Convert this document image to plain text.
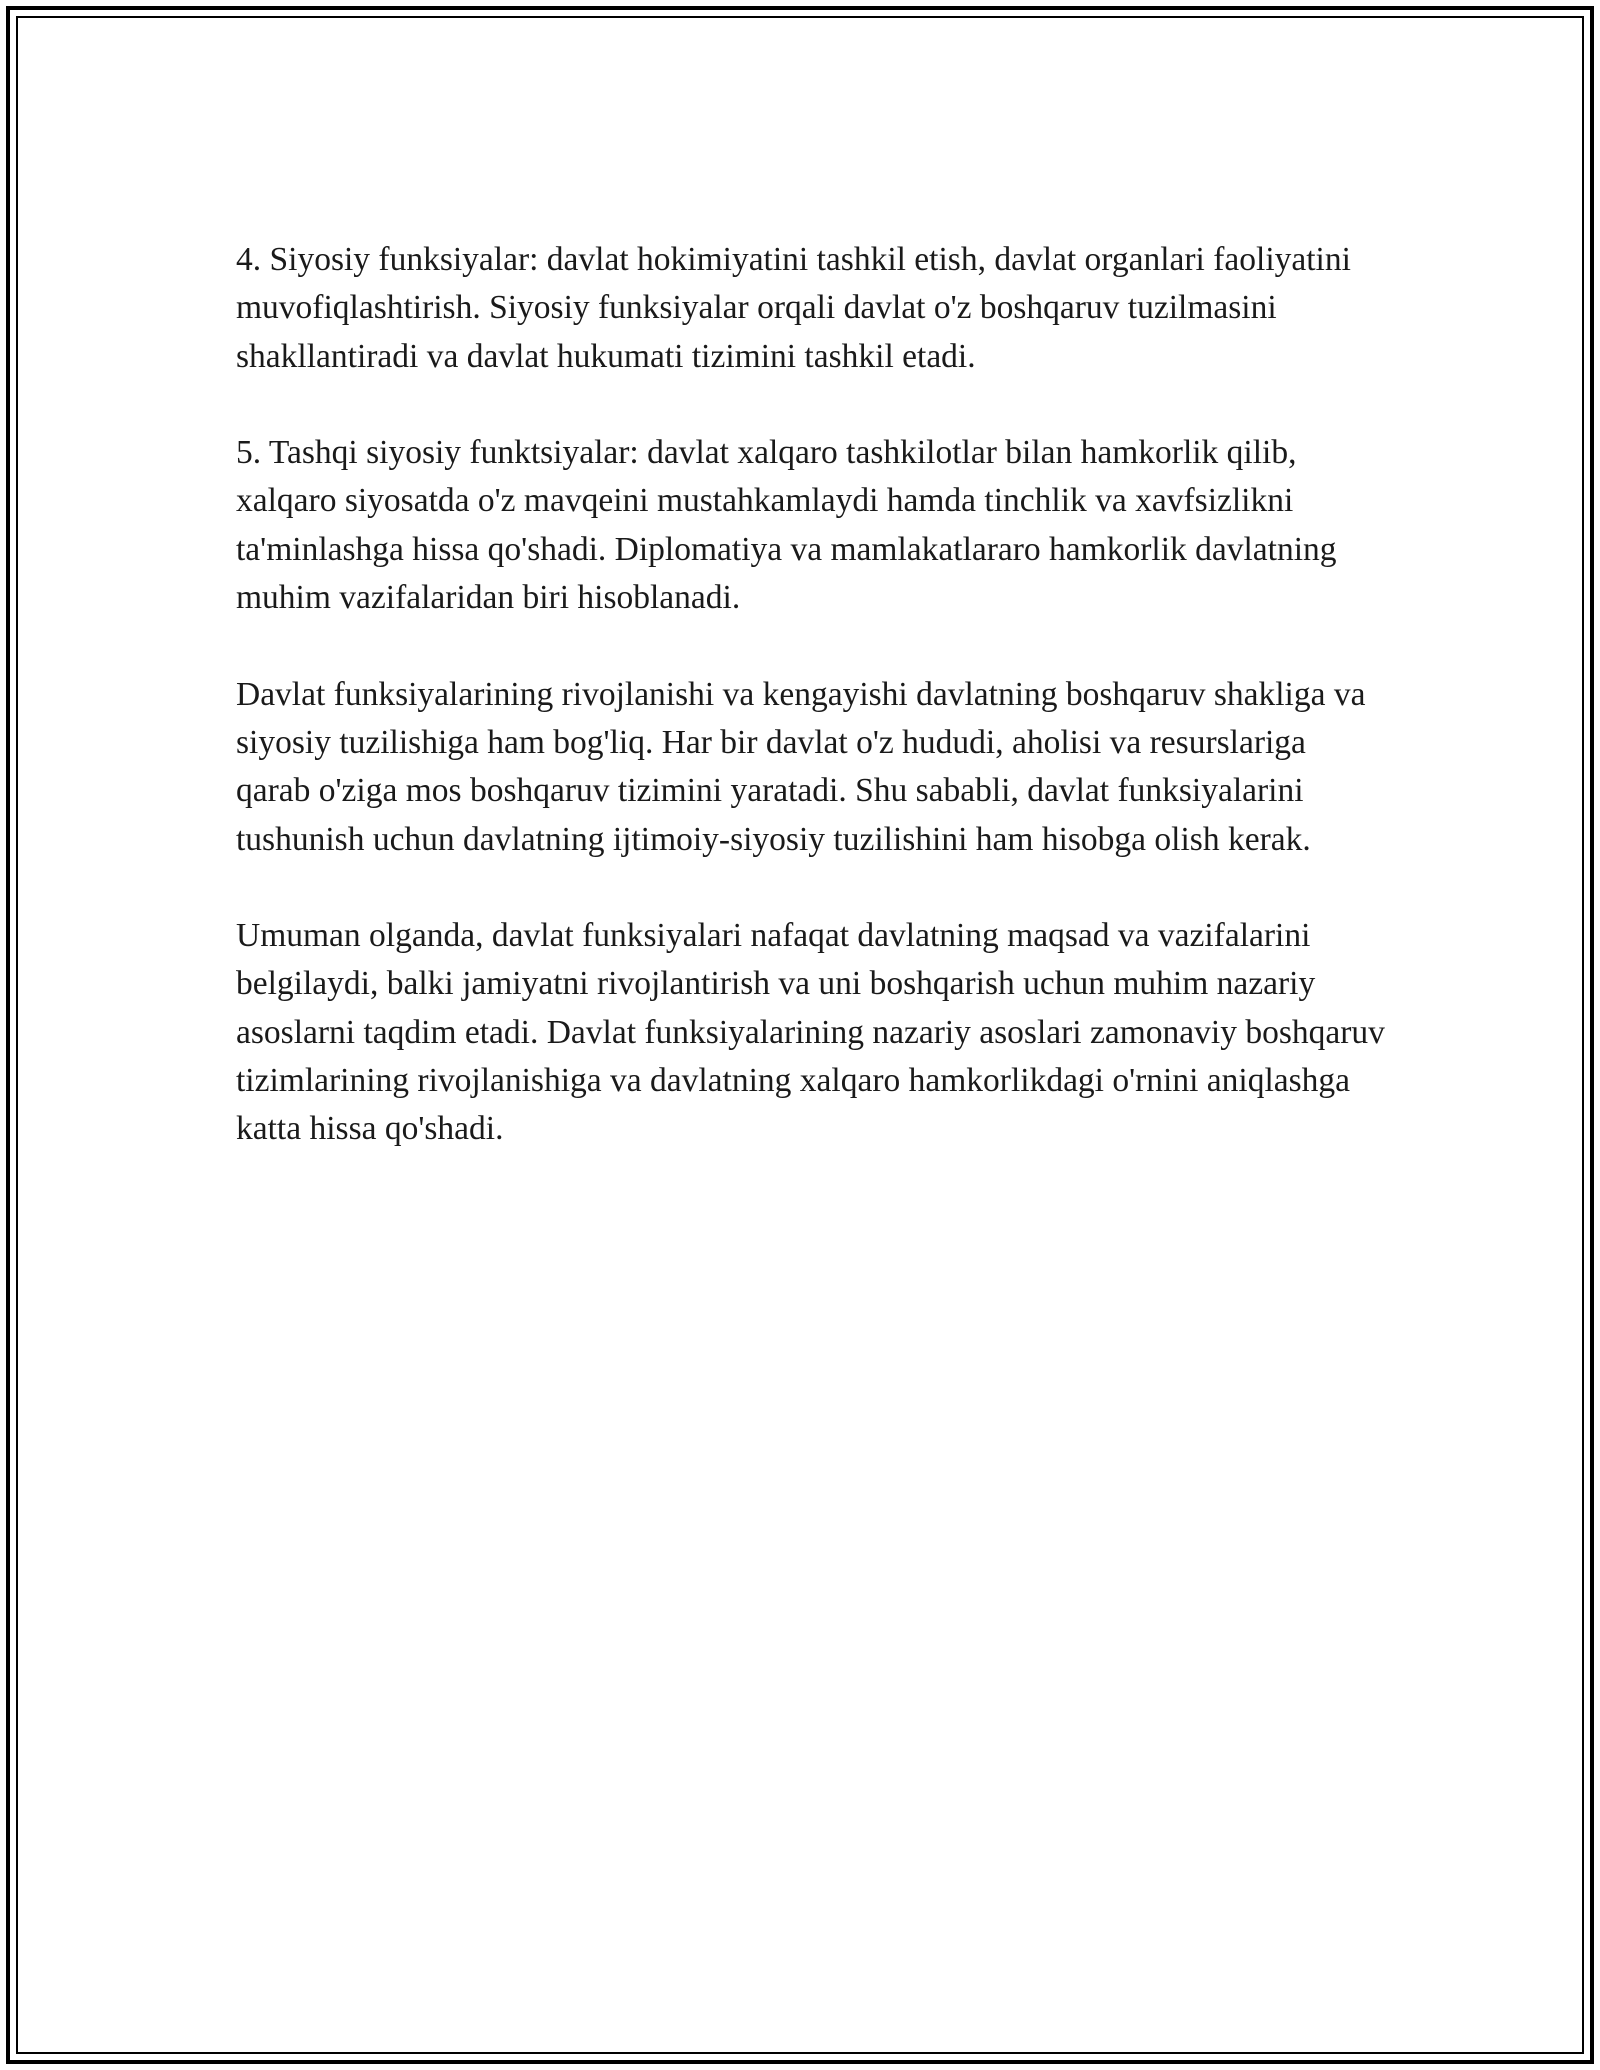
4. Siyosiy funksiyalar: davlat hokimiyatini tashkil etish, davlat organlari faoliyatini muvofiqlashtirish. Siyosiy funksiyalar orqali davlat o'z boshqaruv tuzilmasini shakllantiradi va davlat hukumati tizimini tashkil etadi.

5. Tashqi siyosiy funktsiyalar: davlat xalqaro tashkilotlar bilan hamkorlik qilib, xalqaro siyosatda o'z mavqeini mustahkamlaydi hamda tinchlik va xavfsizlikni ta'minlashga hissa qo'shadi. Diplomatiya va mamlakatlararo hamkorlik davlatning muhim vazifalaridan biri hisoblanadi.

Davlat funksiyalarining rivojlanishi va kengayishi davlatning boshqaruv shakliga va siyosiy tuzilishiga ham bog'liq. Har bir davlat o'z hududi, aholisi va resurslariga qarab o'ziga mos boshqaruv tizimini yaratadi. Shu sababli, davlat funksiyalarini tushunish uchun davlatning ijtimoiy-siyosiy tuzilishini ham hisobga olish kerak.

Umuman olganda, davlat funksiyalari nafaqat davlatning maqsad va vazifalarini belgilaydi, balki jamiyatni rivojlantirish va uni boshqarish uchun muhim nazariy asoslarni taqdim etadi. Davlat funksiyalarining nazariy asoslari zamonaviy boshqaruv tizimlarining rivojlanishiga va davlatning xalqaro hamkorlikdagi o'rnini aniqlashga katta hissa qo'shadi.
